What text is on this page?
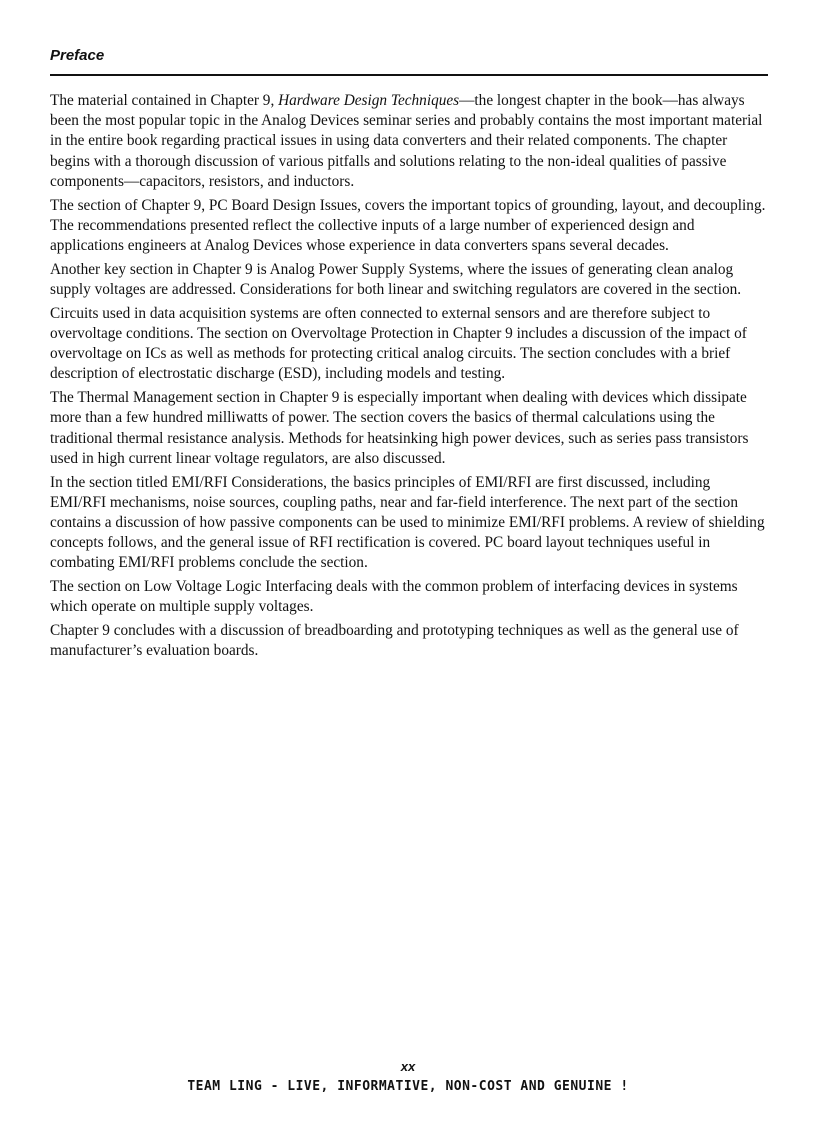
Preface

The material contained in Chapter 9, Hardware Design Techniques—the longest chapter in the book—has always been the most popular topic in the Analog Devices seminar series and probably contains the most important material in the entire book regarding practical issues in using data converters and their related components. The chapter begins with a thorough discussion of various pitfalls and solutions relating to the non-ideal qualities of passive components—capacitors, resistors, and inductors.

The section of Chapter 9, PC Board Design Issues, covers the important topics of grounding, layout, and decoupling. The recommendations presented reflect the collective inputs of a large number of experienced design and applications engineers at Analog Devices whose experience in data converters spans several decades.

Another key section in Chapter 9 is Analog Power Supply Systems, where the issues of generating clean analog supply voltages are addressed. Considerations for both linear and switching regulators are covered in the section.

Circuits used in data acquisition systems are often connected to external sensors and are therefore subject to overvoltage conditions. The section on Overvoltage Protection in Chapter 9 includes a discussion of the impact of overvoltage on ICs as well as methods for protecting critical analog circuits. The section concludes with a brief description of electrostatic discharge (ESD), including models and testing.

The Thermal Management section in Chapter 9 is especially important when dealing with devices which dissipate more than a few hundred milliwatts of power. The section covers the basics of thermal calculations using the traditional thermal resistance analysis. Methods for heatsinking high power devices, such as series pass transistors used in high current linear voltage regulators, are also discussed.

In the section titled EMI/RFI Considerations, the basics principles of EMI/RFI are first discussed, including EMI/RFI mechanisms, noise sources, coupling paths, near and far-field interference. The next part of the section contains a discussion of how passive components can be used to minimize EMI/RFI problems. A review of shielding concepts follows, and the general issue of RFI rectification is covered. PC board layout techniques useful in combating EMI/RFI problems conclude the section.

The section on Low Voltage Logic Interfacing deals with the common problem of interfacing devices in systems which operate on multiple supply voltages.

Chapter 9 concludes with a discussion of breadboarding and prototyping techniques as well as the general use of manufacturer’s evaluation boards.

xx
TEAM LING - LIVE, INFORMATIVE, NON-COST AND GENUINE !
